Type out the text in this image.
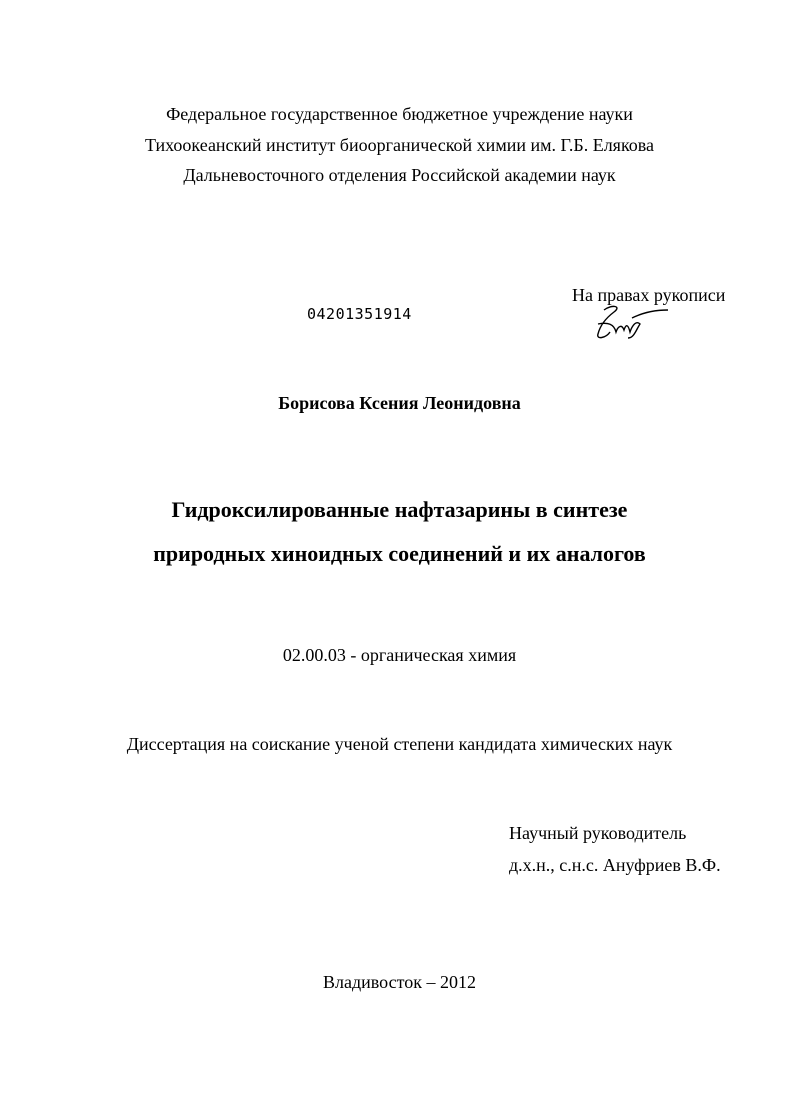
Федеральное государственное бюджетное учреждение науки
Тихоокеанский институт биоорганической химии им. Г.Б. Елякова
Дальневосточного отделения Российской академии наук
На правах рукописи
04201351914
Борисова Ксения Леонидовна
Гидроксилированные нафтазарины в синтезе
природных хиноидных соединений и их аналогов
02.00.03 - органическая химия
Диссертация на соискание ученой степени кандидата химических наук
Научный руководитель
д.х.н., с.н.с. Ануфриев В.Ф.
Владивосток – 2012
